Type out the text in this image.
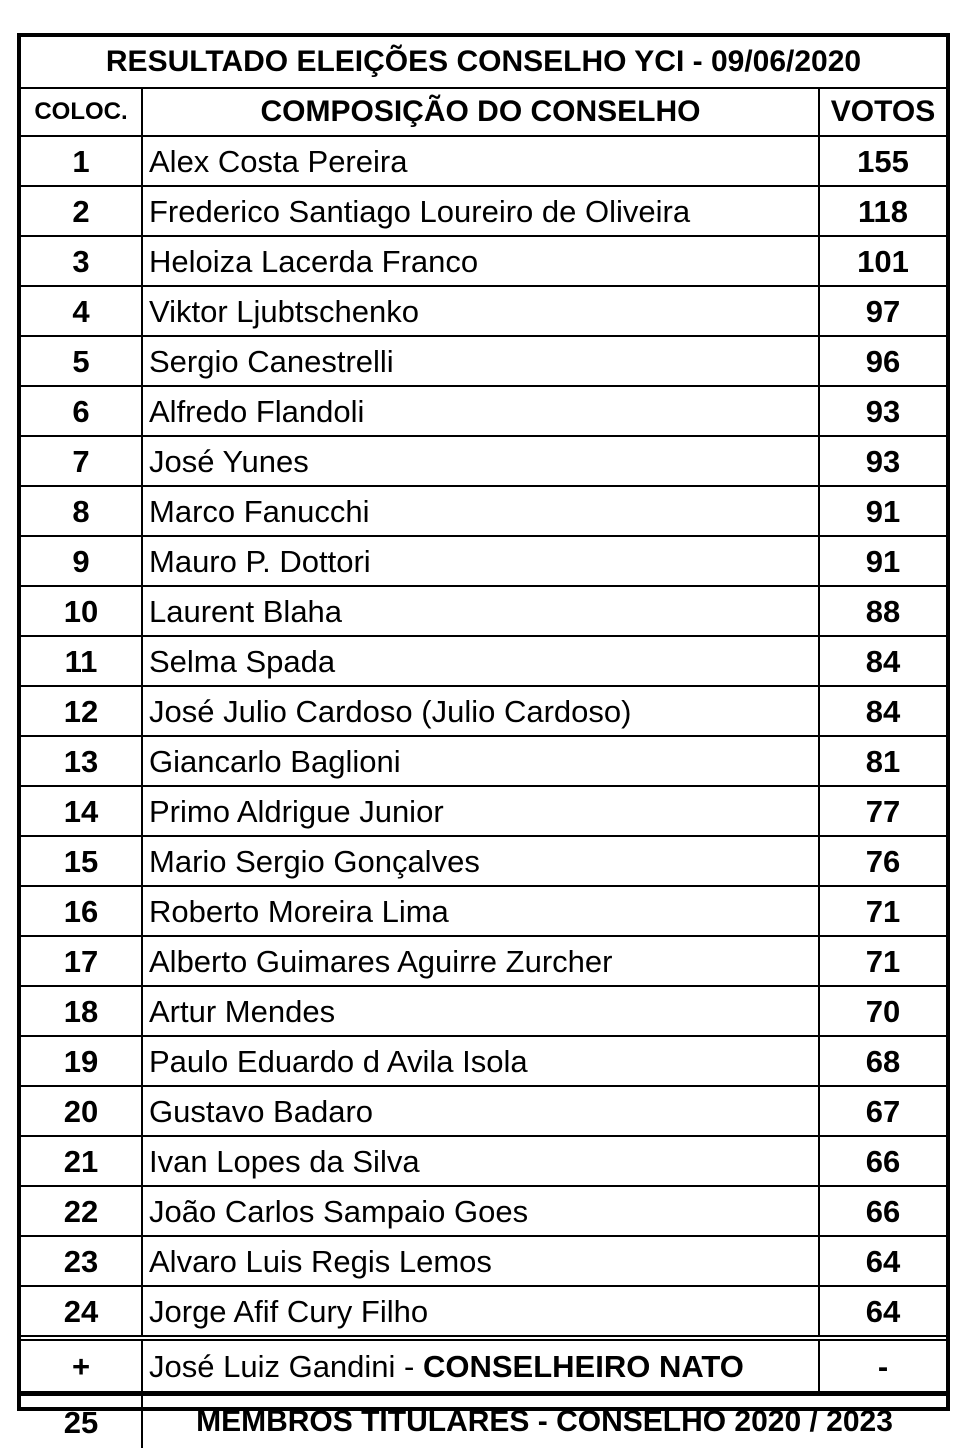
RESULTADO ELEIÇÕES CONSELHO YCI - 09/06/2020		
COLOC.	COMPOSIÇÃO DO CONSELHO	VOTOS
1	Alex Costa Pereira	155
2	Frederico Santiago Loureiro de Oliveira	118
3	Heloiza Lacerda Franco	101
4	Viktor Ljubtschenko	97
5	Sergio Canestrelli	96
6	Alfredo Flandoli	93
7	José Yunes	93
8	Marco Fanucchi	91
9	Mauro P. Dottori	91
10	Laurent Blaha	88
11	Selma Spada	84
12	José Julio Cardoso (Julio Cardoso)	84
13	Giancarlo Baglioni	81
14	Primo Aldrigue Junior	77
15	Mario Sergio Gonçalves	76
16	Roberto Moreira Lima	71
17	Alberto Guimares Aguirre Zurcher	71
18	Artur Mendes	70
19	Paulo Eduardo d Avila Isola	68
20	Gustavo Badaro	67
21	Ivan Lopes da Silva	66
22	João Carlos Sampaio Goes	66
23	Alvaro Luis Regis Lemos	64
24	Jorge Afif Cury Filho	64
+	José Luiz Gandini - CONSELHEIRO NATO	-
25	MEMBROS TITULARES - CONSELHO 2020 / 2023	
